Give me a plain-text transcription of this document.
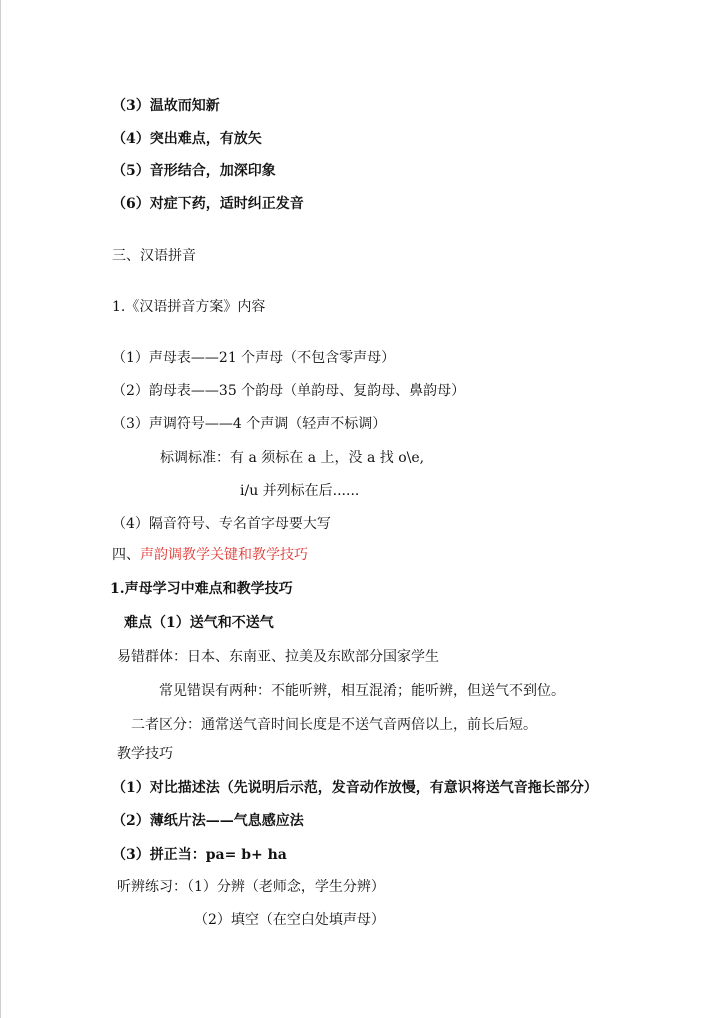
（3）温故而知新
（4）突出难点，有放矢
（5）音形结合，加深印象
（6）对症下药，适时纠正发音
三、汉语拼音
1.《汉语拼音方案》内容
（1）声母表——21 个声母（不包含零声母）
（2）韵母表——35 个韵母（单韵母、复韵母、鼻韵母）
（3）声调符号——4 个声调（轻声不标调）
标调标准：有 a 须标在 a 上，没 a 找 o\e,
i/u 并列标在后......
（4）隔音符号、专名首字母要大写
四、声韵调教学关键和教学技巧
1.声母学习中难点和教学技巧
难点（1）送气和不送气
易错群体：日本、东南亚、拉美及东欧部分国家学生
常见错误有两种：不能听辨，相互混淆；能听辨，但送气不到位。
二者区分：通常送气音时间长度是不送气音两倍以上，前长后短。
教学技巧
（1）对比描述法（先说明后示范，发音动作放慢，有意识将送气音拖长部分）
（2）薄纸片法——气息感应法
（3）拼正当：pa= b+ ha
听辨练习：（1）分辨（老师念，学生分辨）
（2）填空（在空白处填声母）
